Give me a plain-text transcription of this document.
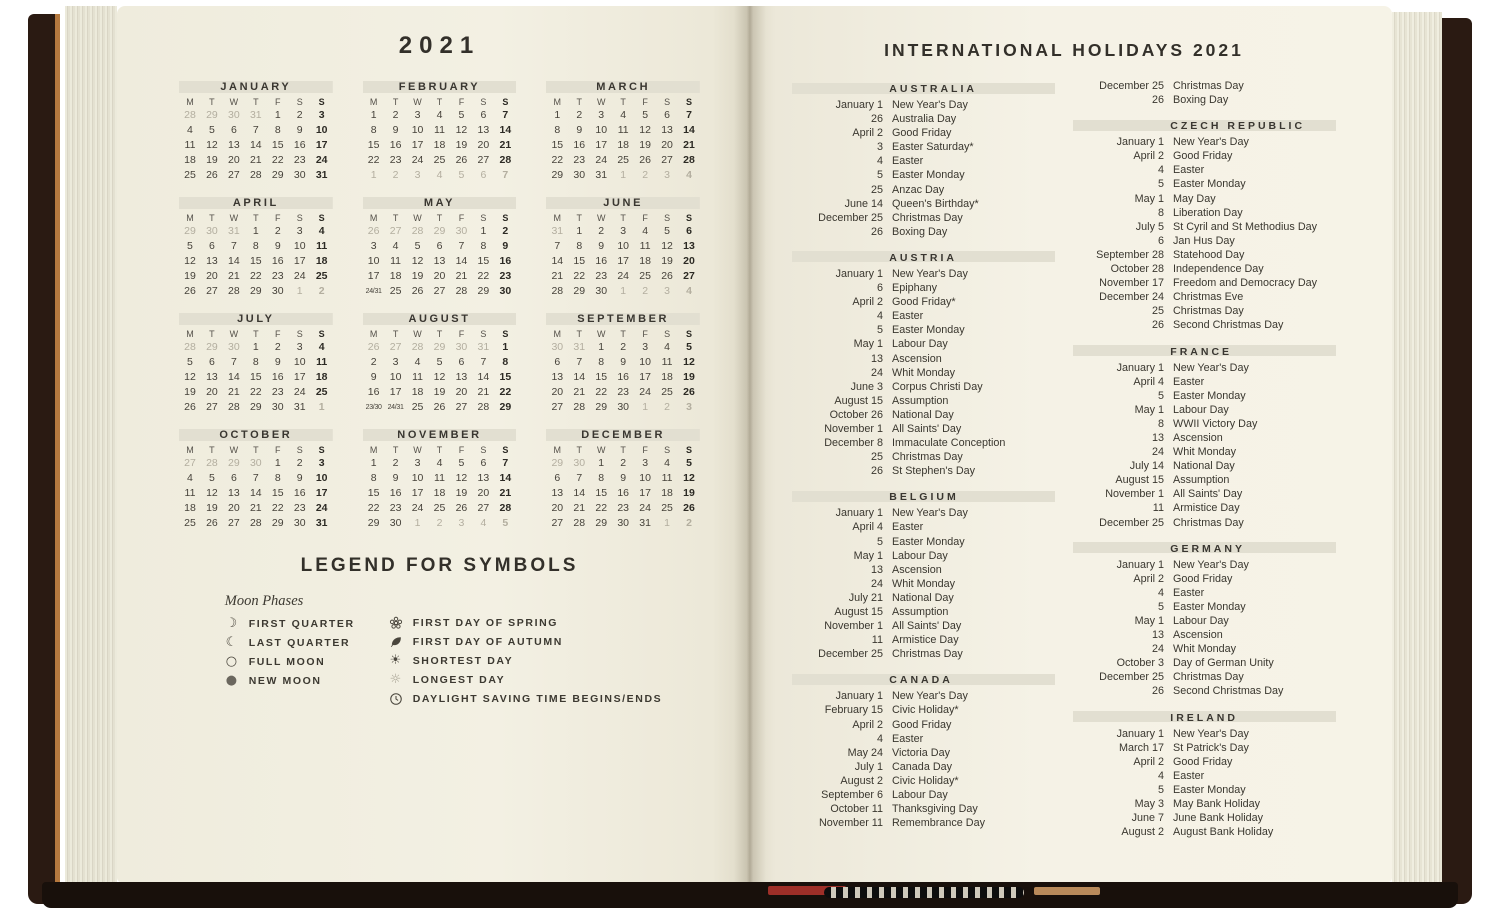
2021
JANUARY
M	T	W	T	F	S	S
28 29 30 31	1	2	3
4	5	6	7	8	9	10
11	12 13 14 15 16 17
18 19 20 21 22 23 24
25 26 27 28 29 30 31
FEBRUARY
M	T	W	T	F	S	S
1	2	3	4	5	6	7
8	9	10	11	12 13 14
15 16 17 18 19 20 21
22 23 24 25 26 27 28
1	2	3	4	5	6	7
MARCH
M	T	W	T	F	S	S
1	2	3	4	5	6	7
8	9	10	11	12 13 14
15 16 17 18 19 20 21
22 23 24 25 26 27 28
29 30 31	1	2	3	4
APRIL
M	T	W	T	F	S	S
29 30 31	1	2	3	4
5	6	7	8	9	10	11
12 13 14 15 16 17 18
19 20 21 22 23 24 25
26 27 28 29 30	1	2
MAY
M	T	W	T	F	S	S
26 27 28 29 30	1	2
3	4	5	6	7	8	9
10	11	12 13 14 15 16
17 18 19 20 21 22 23
24/31 25 26 27 28 29 30
JUNE
M	T	W	T	F	S	S
31	1	2	3	4	5	6
7	8	9	10	11	12 13
14 15 16 17 18 19 20
21 22 23 24 25 26 27
28 29 30	1	2	3	4
JULY
M	T	W	T	F	S	S
28 29 30	1	2	3	4
5	6	7	8	9	10	11
12 13 14 15 16 17 18
19 20 21 22 23 24 25
26 27 28 29 30 31	1
AUGUST
M	T	W	T	F	S	S
26 27 28 29 30 31	1
2	3	4	5	6	7	8
9	10	11	12 13 14 15
16 17 18 19 20 21 22
23/30 24/31 25 26 27 28 29
SEPTEMBER
M	T	W	T	F	S	S
30 31	1	2	3	4	5
6	7	8	9	10	11	12
13 14 15 16 17 18 19
20 21 22 23 24 25 26
27 28 29 30	1	2	3
OCTOBER
M	T	W	T	F	S	S
27 28 29 30	1	2	3
4	5	6	7	8	9	10
11	12 13 14 15 16 17
18 19 20 21 22 23 24
25 26 27 28 29 30 31
NOVEMBER
M	T	W	T	F	S	S
1	2	3	4	5	6	7
8	9	10	11	12 13 14
15 16 17 18 19 20 21
22 23 24 25 26 27 28
29 30	1	2	3	4	5
DECEMBER
M	T	W	T	F	S	S
29 30	1	2	3	4	5
6	7	8	9	10	11	12
13 14 15 16 17 18 19
20 21 22 23 24 25 26
27 28 29 30 31	1	2
LEGEND FOR SYMBOLS
Moon Phases
☽ FIRST QUARTER
☾ LAST QUARTER
○ FULL MOON
● NEW MOON
FIRST DAY OF SPRING
FIRST DAY OF AUTUMN
☀ SHORTEST DAY
☼ LONGEST DAY
DAYLIGHT SAVING TIME BEGINS/ENDS
INTERNATIONAL HOLIDAYS 2021
AUSTRALIA
January 1 New Year's Day
26 Australia Day
April 2 Good Friday
3 Easter Saturday*
4 Easter
5 Easter Monday
25 Anzac Day
June 14 Queen's Birthday*
December 25 Christmas Day
26 Boxing Day
AUSTRIA
January 1 New Year's Day
6 Epiphany
April 2 Good Friday*
4 Easter
5 Easter Monday
May 1 Labour Day
13 Ascension
24 Whit Monday
June 3 Corpus Christi Day
August 15 Assumption
October 26 National Day
November 1 All Saints' Day
December 8 Immaculate Conception
25 Christmas Day
26 St Stephen's Day
BELGIUM
January 1 New Year's Day
April 4 Easter
5 Easter Monday
May 1 Labour Day
13 Ascension
24 Whit Monday
July 21 National Day
August 15 Assumption
November 1 All Saints' Day
11 Armistice Day
December 25 Christmas Day
CANADA
January 1 New Year's Day
February 15 Civic Holiday*
April 2 Good Friday
4 Easter
May 24 Victoria Day
July 1 Canada Day
August 2 Civic Holiday*
September 6 Labour Day
October 11 Thanksgiving Day
November 11 Remembrance Day
December 25 Christmas Day
26 Boxing Day
CZECH REPUBLIC
January 1 New Year's Day
April 2 Good Friday
4 Easter
5 Easter Monday
May 1 May Day
8 Liberation Day
July 5 St Cyril and St Methodius Day
6 Jan Hus Day
September 28 Statehood Day
October 28 Independence Day
November 17 Freedom and Democracy Day
December 24 Christmas Eve
25 Christmas Day
26 Second Christmas Day
FRANCE
January 1 New Year's Day
April 4 Easter
5 Easter Monday
May 1 Labour Day
8 WWII Victory Day
13 Ascension
24 Whit Monday
July 14 National Day
August 15 Assumption
November 1 All Saints' Day
11 Armistice Day
December 25 Christmas Day
GERMANY
January 1 New Year's Day
April 2 Good Friday
4 Easter
5 Easter Monday
May 1 Labour Day
13 Ascension
24 Whit Monday
October 3 Day of German Unity
December 25 Christmas Day
26 Second Christmas Day
IRELAND
January 1 New Year's Day
March 17 St Patrick's Day
April 2 Good Friday
4 Easter
5 Easter Monday
May 3 May Bank Holiday
June 7 June Bank Holiday
August 2 August Bank Holiday
